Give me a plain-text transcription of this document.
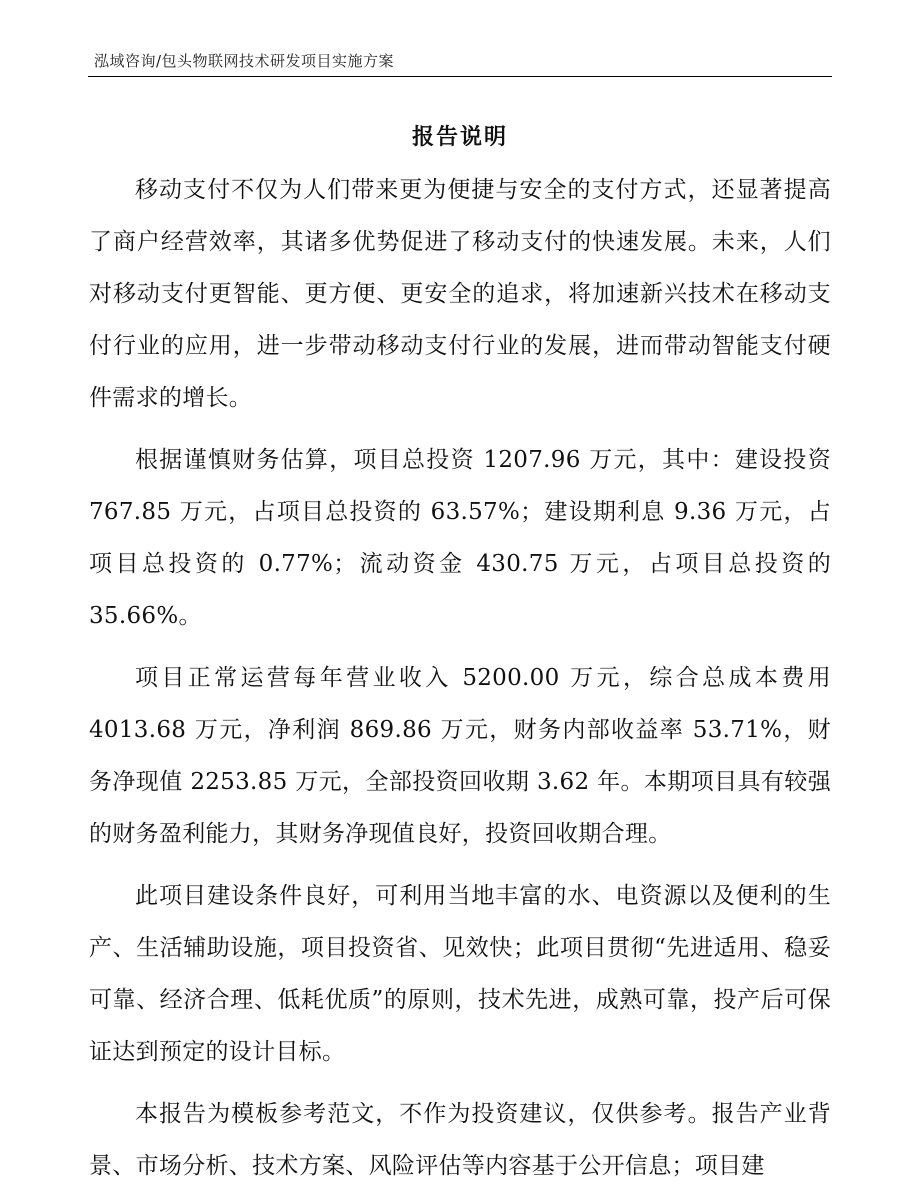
泓域咨询/包头物联网技术研发项目实施方案
报告说明

移动支付不仅为人们带来更为便捷与安全的支付方式，还显著提高了商户经营效率，其诸多优势促进了移动支付的快速发展。未来，人们对移动支付更智能、更方便、更安全的追求，将加速新兴技术在移动支付行业的应用，进一步带动移动支付行业的发展，进而带动智能支付硬件需求的增长。

根据谨慎财务估算，项目总投资 1207.96 万元，其中：建设投资 767.85 万元，占项目总投资的 63.57%；建设期利息 9.36 万元，占项目总投资的 0.77%；流动资金 430.75 万元，占项目总投资的 35.66%。

项目正常运营每年营业收入 5200.00 万元，综合总成本费用 4013.68 万元，净利润 869.86 万元，财务内部收益率 53.71%，财务净现值 2253.85 万元，全部投资回收期 3.62 年。本期项目具有较强的财务盈利能力，其财务净现值良好，投资回收期合理。

此项目建设条件良好，可利用当地丰富的水、电资源以及便利的生产、生活辅助设施，项目投资省、见效快；此项目贯彻“先进适用、稳妥可靠、经济合理、低耗优质”的原则，技术先进，成熟可靠，投产后可保证达到预定的设计目标。

本报告为模板参考范文，不作为投资建议，仅供参考。报告产业背景、市场分析、技术方案、风险评估等内容基于公开信息；项目建
